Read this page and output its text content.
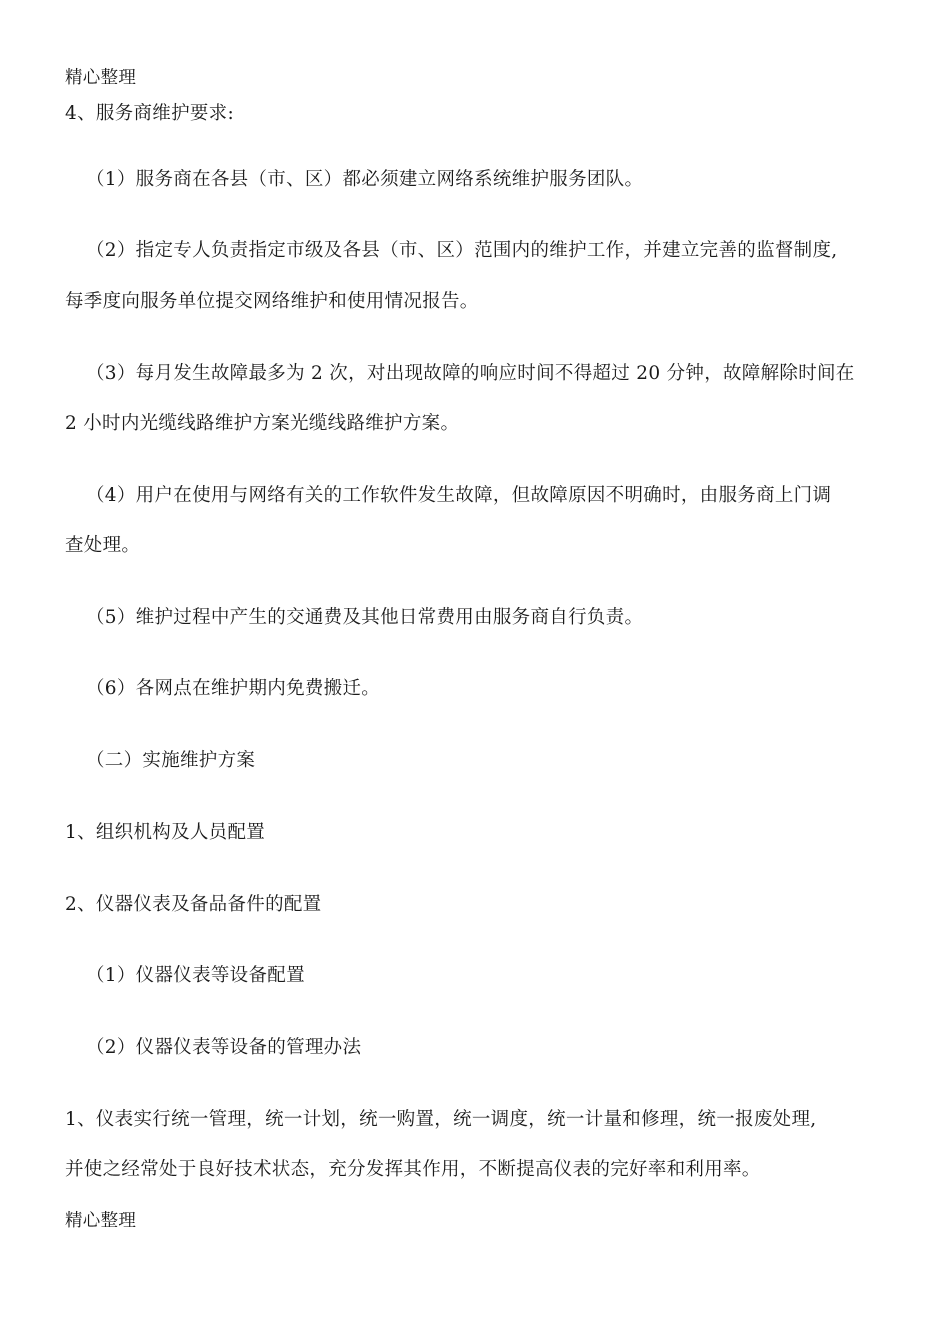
精心整理
4、服务商维护要求:
（1）服务商在各县（市、区）都必须建立网络系统维护服务团队。
（2）指定专人负责指定市级及各县（市、区）范围内的维护工作，并建立完善的监督制度,
每季度向服务单位提交网络维护和使用情况报告。
（3）每月发生故障最多为 2 次，对出现故障的响应时间不得超过 20 分钟，故障解除时间在
2 小时内光缆线路维护方案光缆线路维护方案。
（4）用户在使用与网络有关的工作软件发生故障，但故障原因不明确时，由服务商上门调
查处理。
（5）维护过程中产生的交通费及其他日常费用由服务商自行负责。
（6）各网点在维护期内免费搬迁。
（二）实施维护方案
1、组织机构及人员配置
2、仪器仪表及备品备件的配置
（1）仪器仪表等设备配置
（2）仪器仪表等设备的管理办法
1、仪表实行统一管理，统一计划，统一购置，统一调度，统一计量和修理，统一报废处理,
并使之经常处于良好技术状态，充分发挥其作用，不断提高仪表的完好率和利用率。
精心整理
